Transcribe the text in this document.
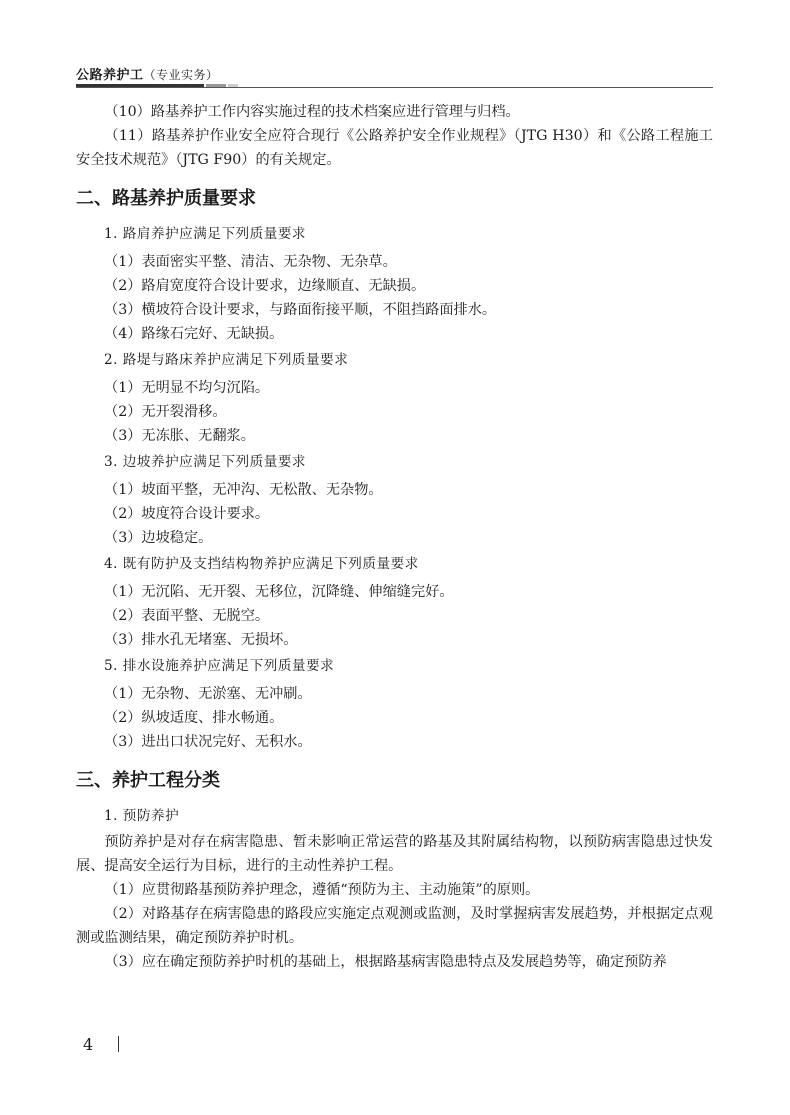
公路养护工（专业实务）

（10）路基养护工作内容实施过程的技术档案应进行管理与归档。

（11）路基养护作业安全应符合现行《公路养护安全作业规程》（JTG H30）和《公路工程施工安全技术规范》（JTG F90）的有关规定。

二、路基养护质量要求

1. 路肩养护应满足下列质量要求

（1）表面密实平整、清洁、无杂物、无杂草。

（2）路肩宽度符合设计要求，边缘顺直、无缺损。

（3）横坡符合设计要求，与路面衔接平顺，不阻挡路面排水。

（4）路缘石完好、无缺损。

2. 路堤与路床养护应满足下列质量要求

（1）无明显不均匀沉陷。

（2）无开裂滑移。

（3）无冻胀、无翻浆。

3. 边坡养护应满足下列质量要求

（1）坡面平整，无冲沟、无松散、无杂物。

（2）坡度符合设计要求。

（3）边坡稳定。

4. 既有防护及支挡结构物养护应满足下列质量要求

（1）无沉陷、无开裂、无移位，沉降缝、伸缩缝完好。

（2）表面平整、无脱空。

（3）排水孔无堵塞、无损坏。

5. 排水设施养护应满足下列质量要求

（1）无杂物、无淤塞、无冲刷。

（2）纵坡适度、排水畅通。

（3）进出口状况完好、无积水。

三、养护工程分类

1. 预防养护

预防养护是对存在病害隐患、暂未影响正常运营的路基及其附属结构物，以预防病害隐患过快发展、提高安全运行为目标，进行的主动性养护工程。

（1）应贯彻路基预防养护理念，遵循“预防为主、主动施策”的原则。

（2）对路基存在病害隐患的路段应实施定点观测或监测，及时掌握病害发展趋势，并根据定点观测或监测结果，确定预防养护时机。

（3）应在确定预防养护时机的基础上，根据路基病害隐患特点及发展趋势等，确定预防养

4
